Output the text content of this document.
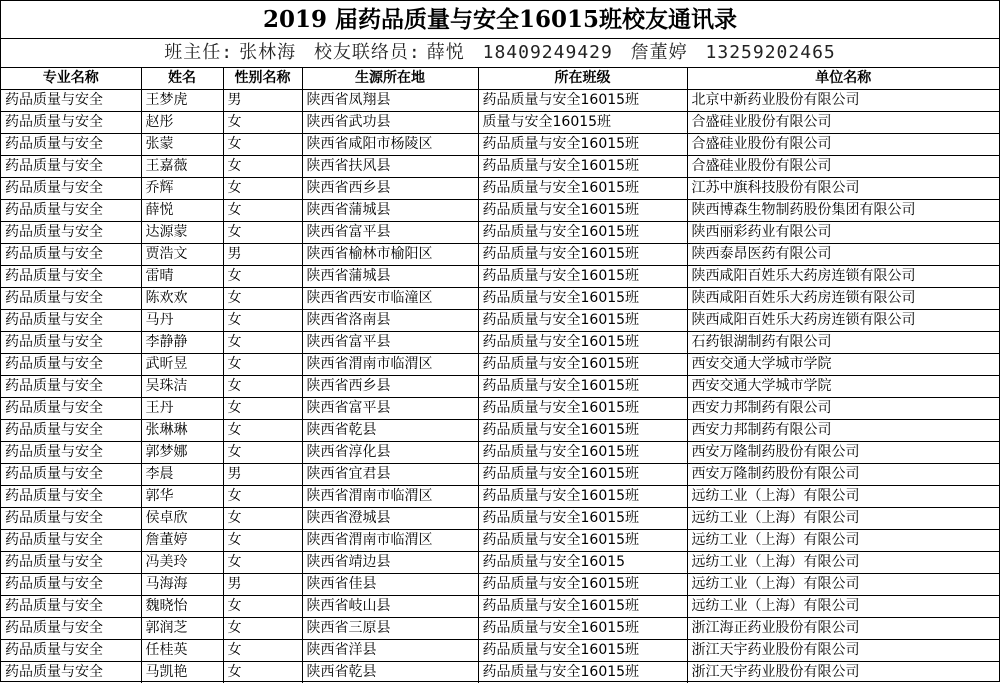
2019 届药品质量与安全16015班校友通讯录
班主任: 张林海 校友联络员: 薛悦 18409249429 詹董婷 13259202465
专业名称	姓名	性别名称	生源所在地	所在班级	单位名称
药品质量与安全	王梦虎	男	陕西省凤翔县	药品质量与安全16015班	北京中新药业股份有限公司
药品质量与安全	赵彤	女	陕西省武功县	质量与安全16015班	合盛硅业股份有限公司
药品质量与安全	张蒙	女	陕西省咸阳市杨陵区	药品质量与安全16015班	合盛硅业股份有限公司
药品质量与安全	王嘉薇	女	陕西省扶风县	药品质量与安全16015班	合盛硅业股份有限公司
药品质量与安全	乔辉	女	陕西省西乡县	药品质量与安全16015班	江苏中旗科技股份有限公司
药品质量与安全	薛悦	女	陕西省蒲城县	药品质量与安全16015班	陕西博森生物制药股份集团有限公司
药品质量与安全	达源蒙	女	陕西省富平县	药品质量与安全16015班	陕西丽彩药业有限公司
药品质量与安全	贾浩文	男	陕西省榆林市榆阳区	药品质量与安全16015班	陕西泰昂医药有限公司
药品质量与安全	雷晴	女	陕西省蒲城县	药品质量与安全16015班	陕西咸阳百姓乐大药房连锁有限公司
药品质量与安全	陈欢欢	女	陕西省西安市临潼区	药品质量与安全16015班	陕西咸阳百姓乐大药房连锁有限公司
药品质量与安全	马丹	女	陕西省洛南县	药品质量与安全16015班	陕西咸阳百姓乐大药房连锁有限公司
药品质量与安全	李静静	女	陕西省富平县	药品质量与安全16015班	石药银湖制药有限公司
药品质量与安全	武昕昱	女	陕西省渭南市临渭区	药品质量与安全16015班	西安交通大学城市学院
药品质量与安全	吴珠洁	女	陕西省西乡县	药品质量与安全16015班	西安交通大学城市学院
药品质量与安全	王丹	女	陕西省富平县	药品质量与安全16015班	西安力邦制药有限公司
药品质量与安全	张琳琳	女	陕西省乾县	药品质量与安全16015班	西安力邦制药有限公司
药品质量与安全	郭梦娜	女	陕西省淳化县	药品质量与安全16015班	西安万隆制药股份有限公司
药品质量与安全	李晨	男	陕西省宜君县	药品质量与安全16015班	西安万隆制药股份有限公司
药品质量与安全	郭华	女	陕西省渭南市临渭区	药品质量与安全16015班	远纺工业（上海）有限公司
药品质量与安全	侯卓欣	女	陕西省澄城县	药品质量与安全16015班	远纺工业（上海）有限公司
药品质量与安全	詹董婷	女	陕西省渭南市临渭区	药品质量与安全16015班	远纺工业（上海）有限公司
药品质量与安全	冯美玲	女	陕西省靖边县	药品质量与安全16015	远纺工业（上海）有限公司
药品质量与安全	马海海	男	陕西省佳县	药品质量与安全16015班	远纺工业（上海）有限公司
药品质量与安全	魏晓怡	女	陕西省岐山县	药品质量与安全16015班	远纺工业（上海）有限公司
药品质量与安全	郭润芝	女	陕西省三原县	药品质量与安全16015班	浙江海正药业股份有限公司
药品质量与安全	任桂英	女	陕西省洋县	药品质量与安全16015班	浙江天宇药业股份有限公司
药品质量与安全	马凯艳	女	陕西省乾县	药品质量与安全16015班	浙江天宇药业股份有限公司
